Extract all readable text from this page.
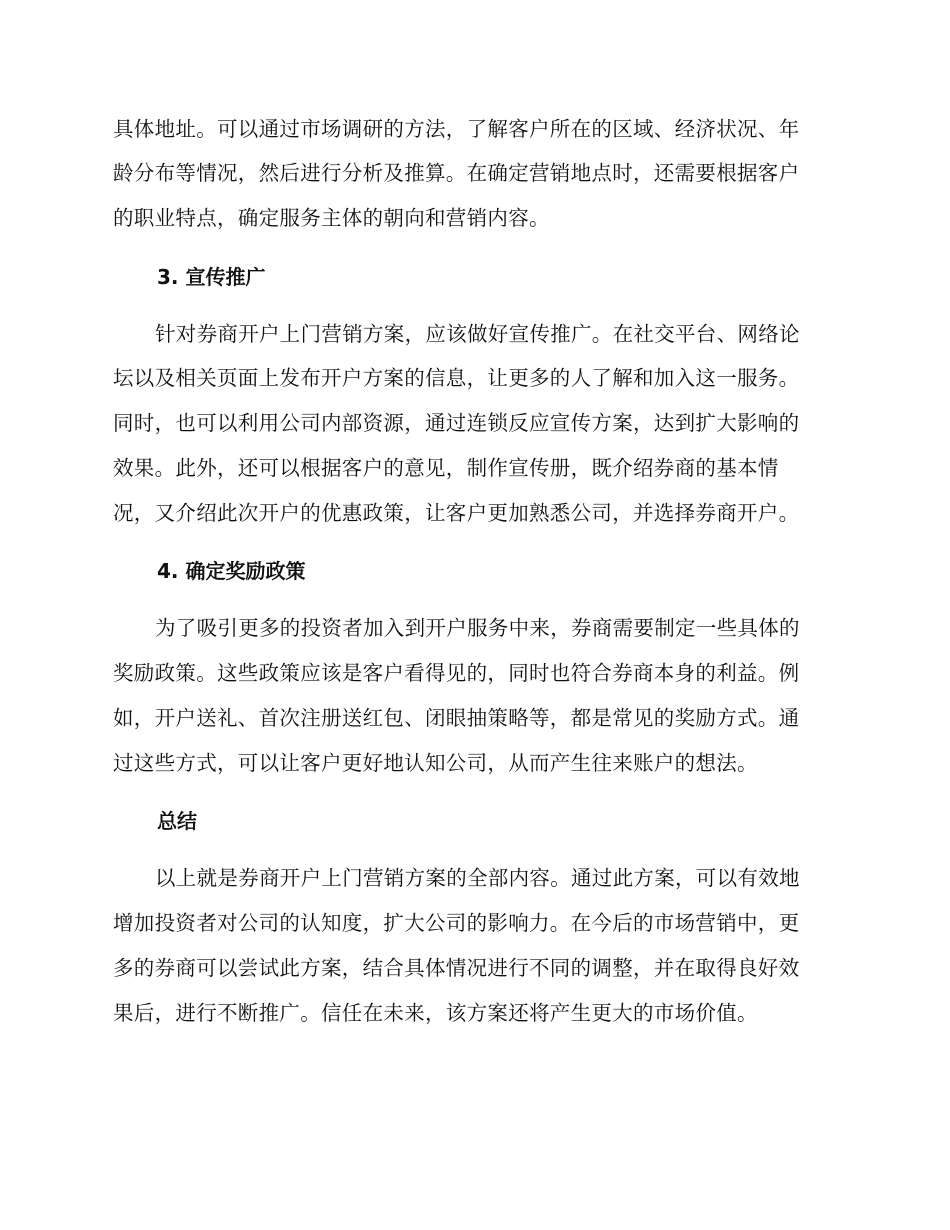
具体地址。可以通过市场调研的方法，了解客户所在的区域、经济状况、年
龄分布等情况，然后进行分析及推算。在确定营销地点时，还需要根据客户
的职业特点，确定服务主体的朝向和营销内容。
3. 宣传推广
针对券商开户上门营销方案，应该做好宣传推广。在社交平台、网络论
坛以及相关页面上发布开户方案的信息，让更多的人了解和加入这一服务。
同时，也可以利用公司内部资源，通过连锁反应宣传方案，达到扩大影响的
效果。此外，还可以根据客户的意见，制作宣传册，既介绍券商的基本情
况，又介绍此次开户的优惠政策，让客户更加熟悉公司，并选择券商开户。
4. 确定奖励政策
为了吸引更多的投资者加入到开户服务中来，券商需要制定一些具体的
奖励政策。这些政策应该是客户看得见的，同时也符合券商本身的利益。例
如，开户送礼、首次注册送红包、闭眼抽策略等，都是常见的奖励方式。通
过这些方式，可以让客户更好地认知公司，从而产生往来账户的想法。
总结
以上就是券商开户上门营销方案的全部内容。通过此方案，可以有效地
增加投资者对公司的认知度，扩大公司的影响力。在今后的市场营销中，更
多的券商可以尝试此方案，结合具体情况进行不同的调整，并在取得良好效
果后，进行不断推广。信任在未来，该方案还将产生更大的市场价值。
